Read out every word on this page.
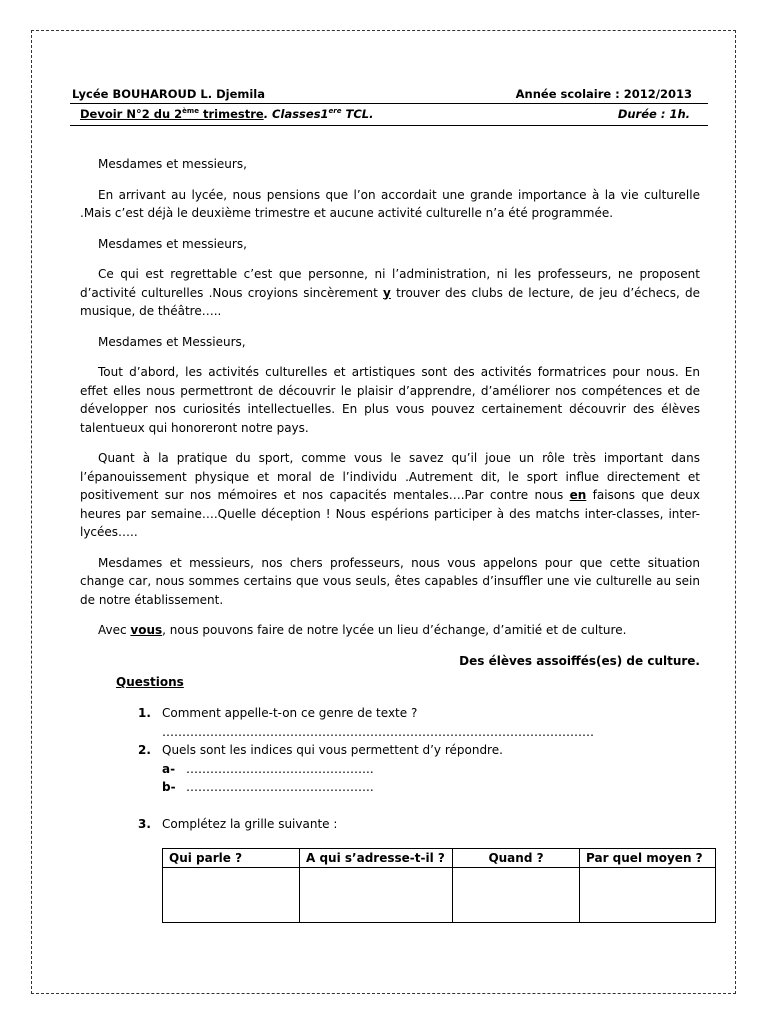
Lycée BOUHAROUD L. Djemila	Année scolaire : 2012/2013
Devoir N°2 du 2ème trimestre. Classes1ere TCL.	Durée : 1h.

Mesdames et messieurs,

En arrivant au lycée, nous pensions que l’on accordait une grande importance à la vie culturelle .Mais c’est déjà le deuxième trimestre et aucune activité culturelle n’a été programmée.

Mesdames et messieurs,

Ce qui est regrettable c’est que personne, ni l’administration, ni les professeurs, ne proposent d’activité culturelles .Nous croyions sincèrement y trouver des clubs de lecture, de jeu d’échecs, de musique, de théâtre…..

Mesdames et Messieurs,

Tout d’abord, les activités culturelles et artistiques sont des activités formatrices pour nous. En effet elles nous permettront de découvrir le plaisir d’apprendre, d’améliorer nos compétences et de développer nos curiosités intellectuelles. En plus vous pouvez certainement découvrir des élèves talentueux qui honoreront notre pays.

Quant à la pratique du sport, comme vous le savez qu’il joue un rôle très important dans l’épanouissement physique et moral de l’individu .Autrement dit, le sport influe directement et positivement sur nos mémoires et nos capacités mentales….Par contre nous en faisons que deux heures par semaine….Quelle déception ! Nous espérions participer à des matchs inter-classes, inter-lycées…..

Mesdames et messieurs, nos chers professeurs, nous vous appelons pour que cette situation change car, nous sommes certains que vous seuls, êtes capables d’insuffler une vie culturelle au sein de notre établissement.

Avec vous, nous pouvons faire de notre lycée un lieu d’échange, d’amitié et de culture.

Des élèves assoiffés(es) de culture.

Questions
1. Comment appelle-t-on ce genre de texte ?
………………………………………………………………………………………………
2. Quels sont les indices qui vous permettent d’y répondre.
a- ………………………………………..
b- ………………………………………..
3. Complétez la grille suivante :
Qui parle ?	A qui s’adresse-t-il ?	Quand ?	Par quel moyen ?
